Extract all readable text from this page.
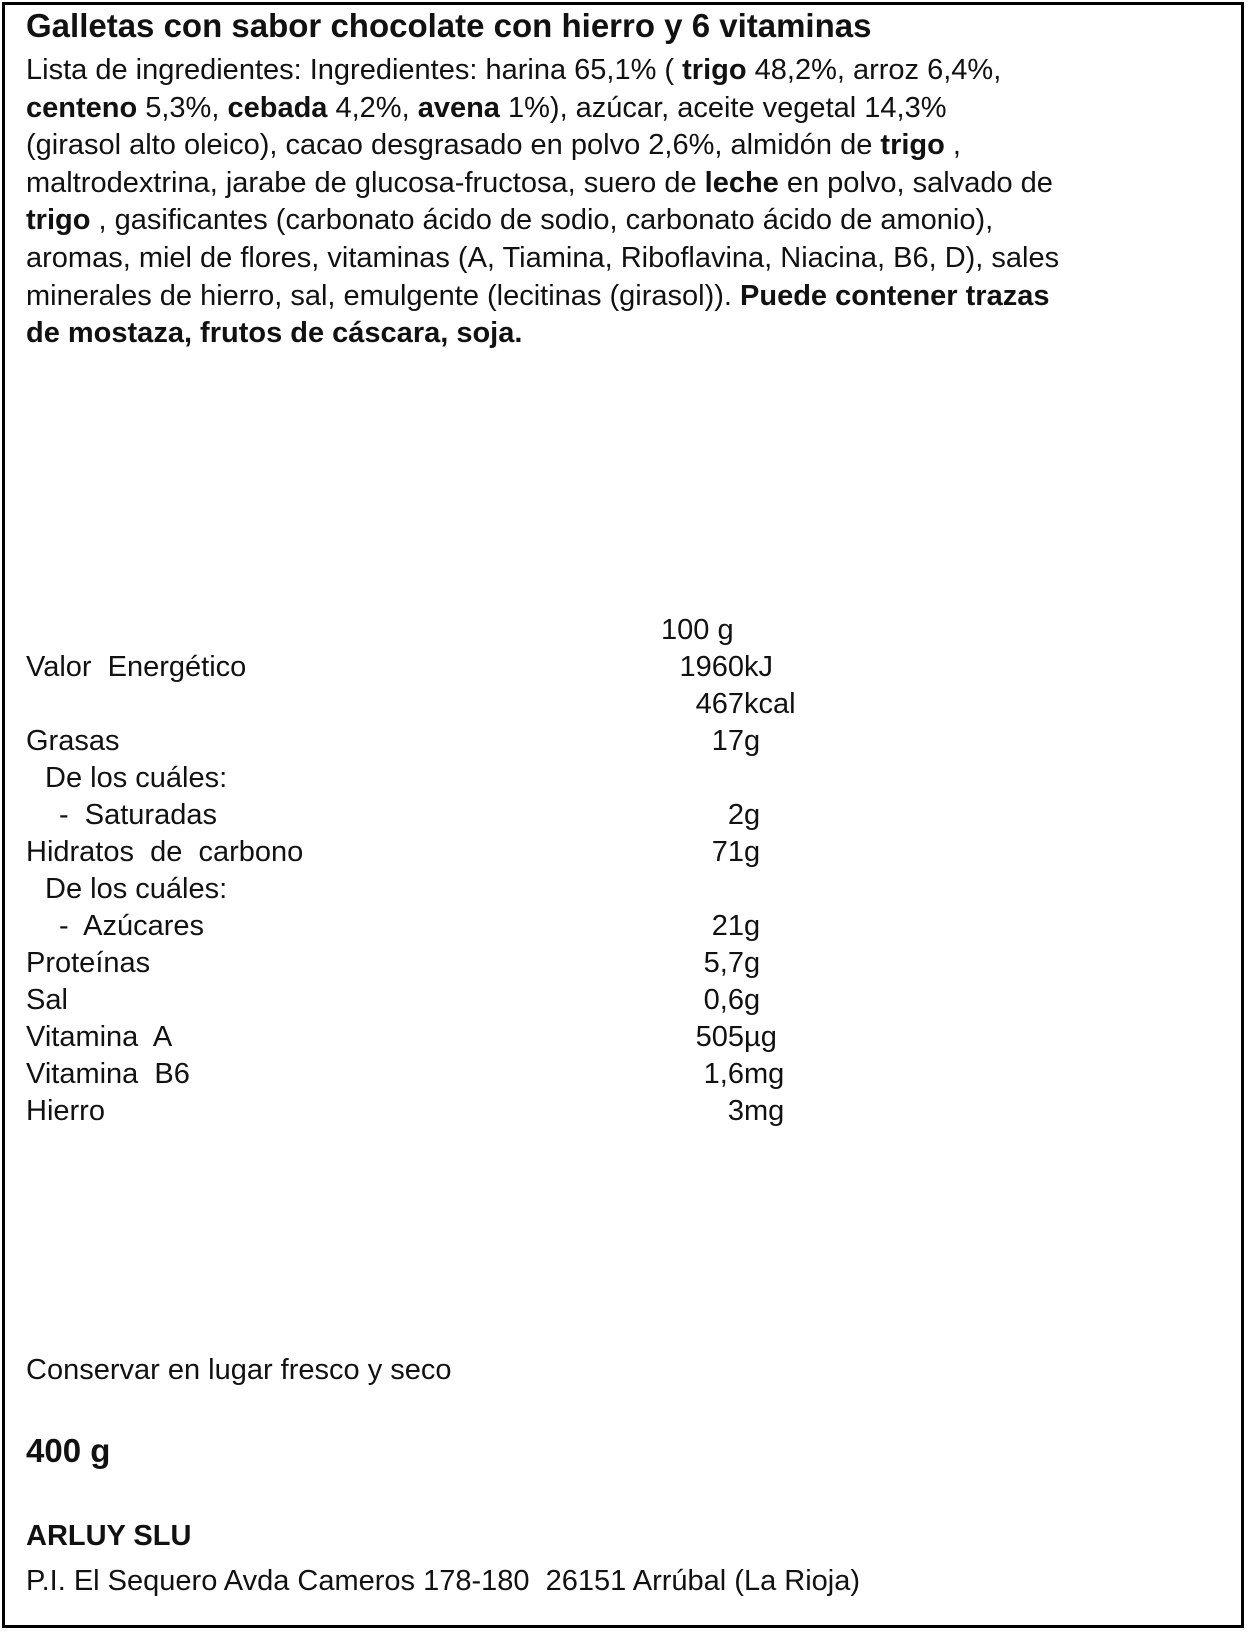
Galletas con sabor chocolate con hierro y 6 vitaminas
Lista de ingredientes: Ingredientes: harina 65,1% ( trigo 48,2%, arroz 6,4%,
centeno 5,3%, cebada 4,2%, avena 1%), azúcar, aceite vegetal 14,3%
(girasol alto oleico), cacao desgrasado en polvo 2,6%, almidón de trigo ,
maltrodextrina, jarabe de glucosa-fructosa, suero de leche en polvo, salvado de
trigo , gasificantes (carbonato ácido de sodio, carbonato ácido de amonio),
aromas, miel de flores, vitaminas (A, Tiamina, Riboflavina, Niacina, B6, D), sales
minerales de hierro, sal, emulgente (lecitinas (girasol)). Puede contener trazas
de mostaza, frutos de cáscara, soja.
100 g
Valor  Energético	1960 kJ
467 kcal
Grasas	17 g
De los cuáles:
-  Saturadas	2 g
Hidratos  de  carbono	71 g
De los cuáles:
-  Azúcares	21 g
Proteínas	5,7 g
Sal	0,6 g
Vitamina  A	505 µg
Vitamina  B6	1,6 mg
Hierro	3 mg
Conservar en lugar fresco y seco
400 g
ARLUY SLU
P.I. El Sequero Avda Cameros 178-180  26151 Arrúbal (La Rioja)
